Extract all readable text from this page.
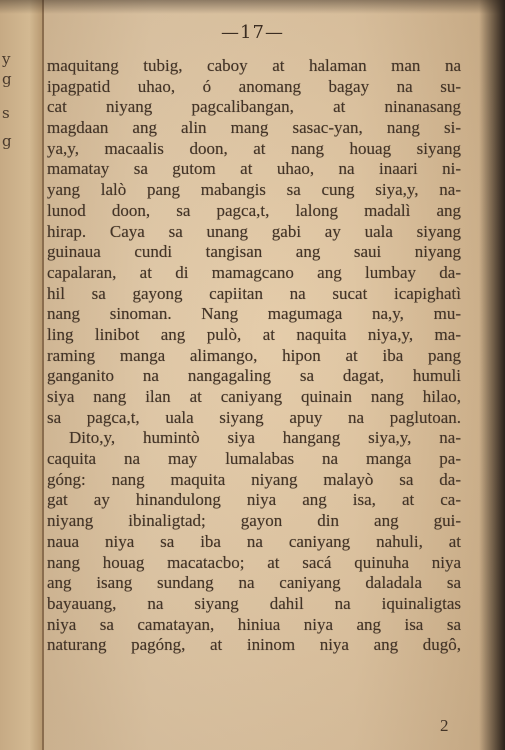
y
g
s
g
—17—
maquitang tubig, caboy at halaman man na
ipagpatid uhao, ó anomang bagay na su-
cat niyang pagcalibangan, at ninanasang
magdaan ang alin mang sasac-yan, nang si-
ya,y, macaalis doon, at nang houag siyang
mamatay sa gutom at uhao, na inaari ni-
yang lalò pang mabangis sa cung siya,y, na-
lunod doon, sa pagca,t, lalong madalì ang
hirap. Caya sa unang gabi ay uala siyang
guinaua cundi tangisan ang saui niyang
capalaran, at di mamagcano ang lumbay da-
hil sa gayong capiitan na sucat icapighatì
nang sinoman. Nang magumaga na,y, mu-
ling linibot ang pulò, at naquita niya,y, ma-
raming manga alimango, hipon at iba pang
ganganito na nangagaling sa dagat, humuli
siya nang ilan at caniyang quinain nang hilao,
sa pagca,t, uala siyang apuy na paglutoan.
Dito,y, humintò siya hangang siya,y, na-
caquita na may lumalabas na manga pa-
góng: nang maquita niyang malayò sa da-
gat ay hinandulong niya ang isa, at ca-
niyang ibinaligtad; gayon din ang gui-
naua niya sa iba na caniyang nahuli, at
nang houag macatacbo; at sacá quinuha niya
ang isang sundang na caniyang daladala sa
bayauang, na siyang dahil na iquinaligtas
niya sa camatayan, hiniua niya ang isa sa
naturang pagóng, at ininom niya ang dugô,
2
